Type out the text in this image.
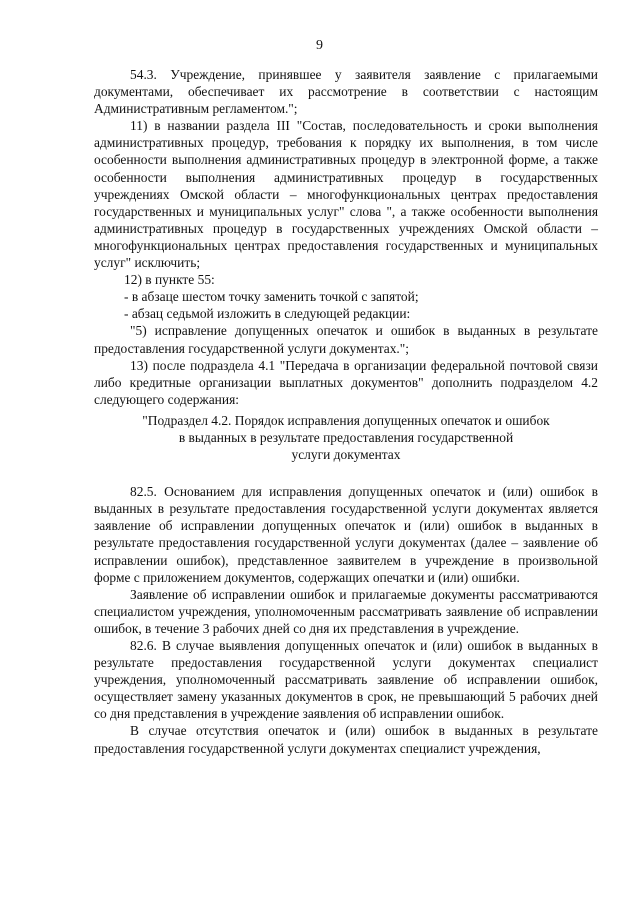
9

54.3. Учреждение, принявшее у заявителя заявление с прилагаемыми документами, обеспечивает их рассмотрение в соответствии с настоящим Административным регламентом.";

11) в названии раздела III "Состав, последовательность и сроки выполнения административных процедур, требования к порядку их выполнения, в том числе особенности выполнения административных процедур в электронной форме, а также особенности выполнения административных процедур в государственных учреждениях Омской области – многофункциональных центрах предоставления государственных и муниципальных услуг" слова ", а также особенности выполнения административных процедур в государственных учреждениях Омской области – многофункциональных центрах предоставления государственных и муниципальных услуг" исключить;

12) в пункте 55:

- в абзаце шестом точку заменить точкой с запятой;

- абзац седьмой изложить в следующей редакции:

"5) исправление допущенных опечаток и ошибок в выданных в результате предоставления государственной услуги документах.";

13) после подраздела 4.1 "Передача в организации федеральной почтовой связи либо кредитные организации выплатных документов" дополнить подразделом 4.2 следующего содержания:

"Подраздел 4.2. Порядок исправления допущенных опечаток и ошибок

в выданных в результате предоставления государственной

услуги документах

82.5. Основанием для исправления допущенных опечаток и (или) ошибок в выданных в результате предоставления государственной услуги документах является заявление об исправлении допущенных опечаток и (или) ошибок в выданных в результате предоставления государственной услуги документах (далее – заявление об исправлении ошибок), представленное заявителем в учреждение в произвольной форме с приложением документов, содержащих опечатки и (или) ошибки.

Заявление об исправлении ошибок и прилагаемые документы рассматриваются специалистом учреждения, уполномоченным рассматривать заявление об исправлении ошибок, в течение 3 рабочих дней со дня их представления в учреждение.

82.6. В случае выявления допущенных опечаток и (или) ошибок в выданных в результате предоставления государственной услуги документах специалист учреждения, уполномоченный рассматривать заявление об исправлении ошибок, осуществляет замену указанных документов в срок, не превышающий 5 рабочих дней со дня представления в учреждение заявления об исправлении ошибок.

В случае отсутствия опечаток и (или) ошибок в выданных в результате предоставления государственной услуги документах специалист учреждения,
